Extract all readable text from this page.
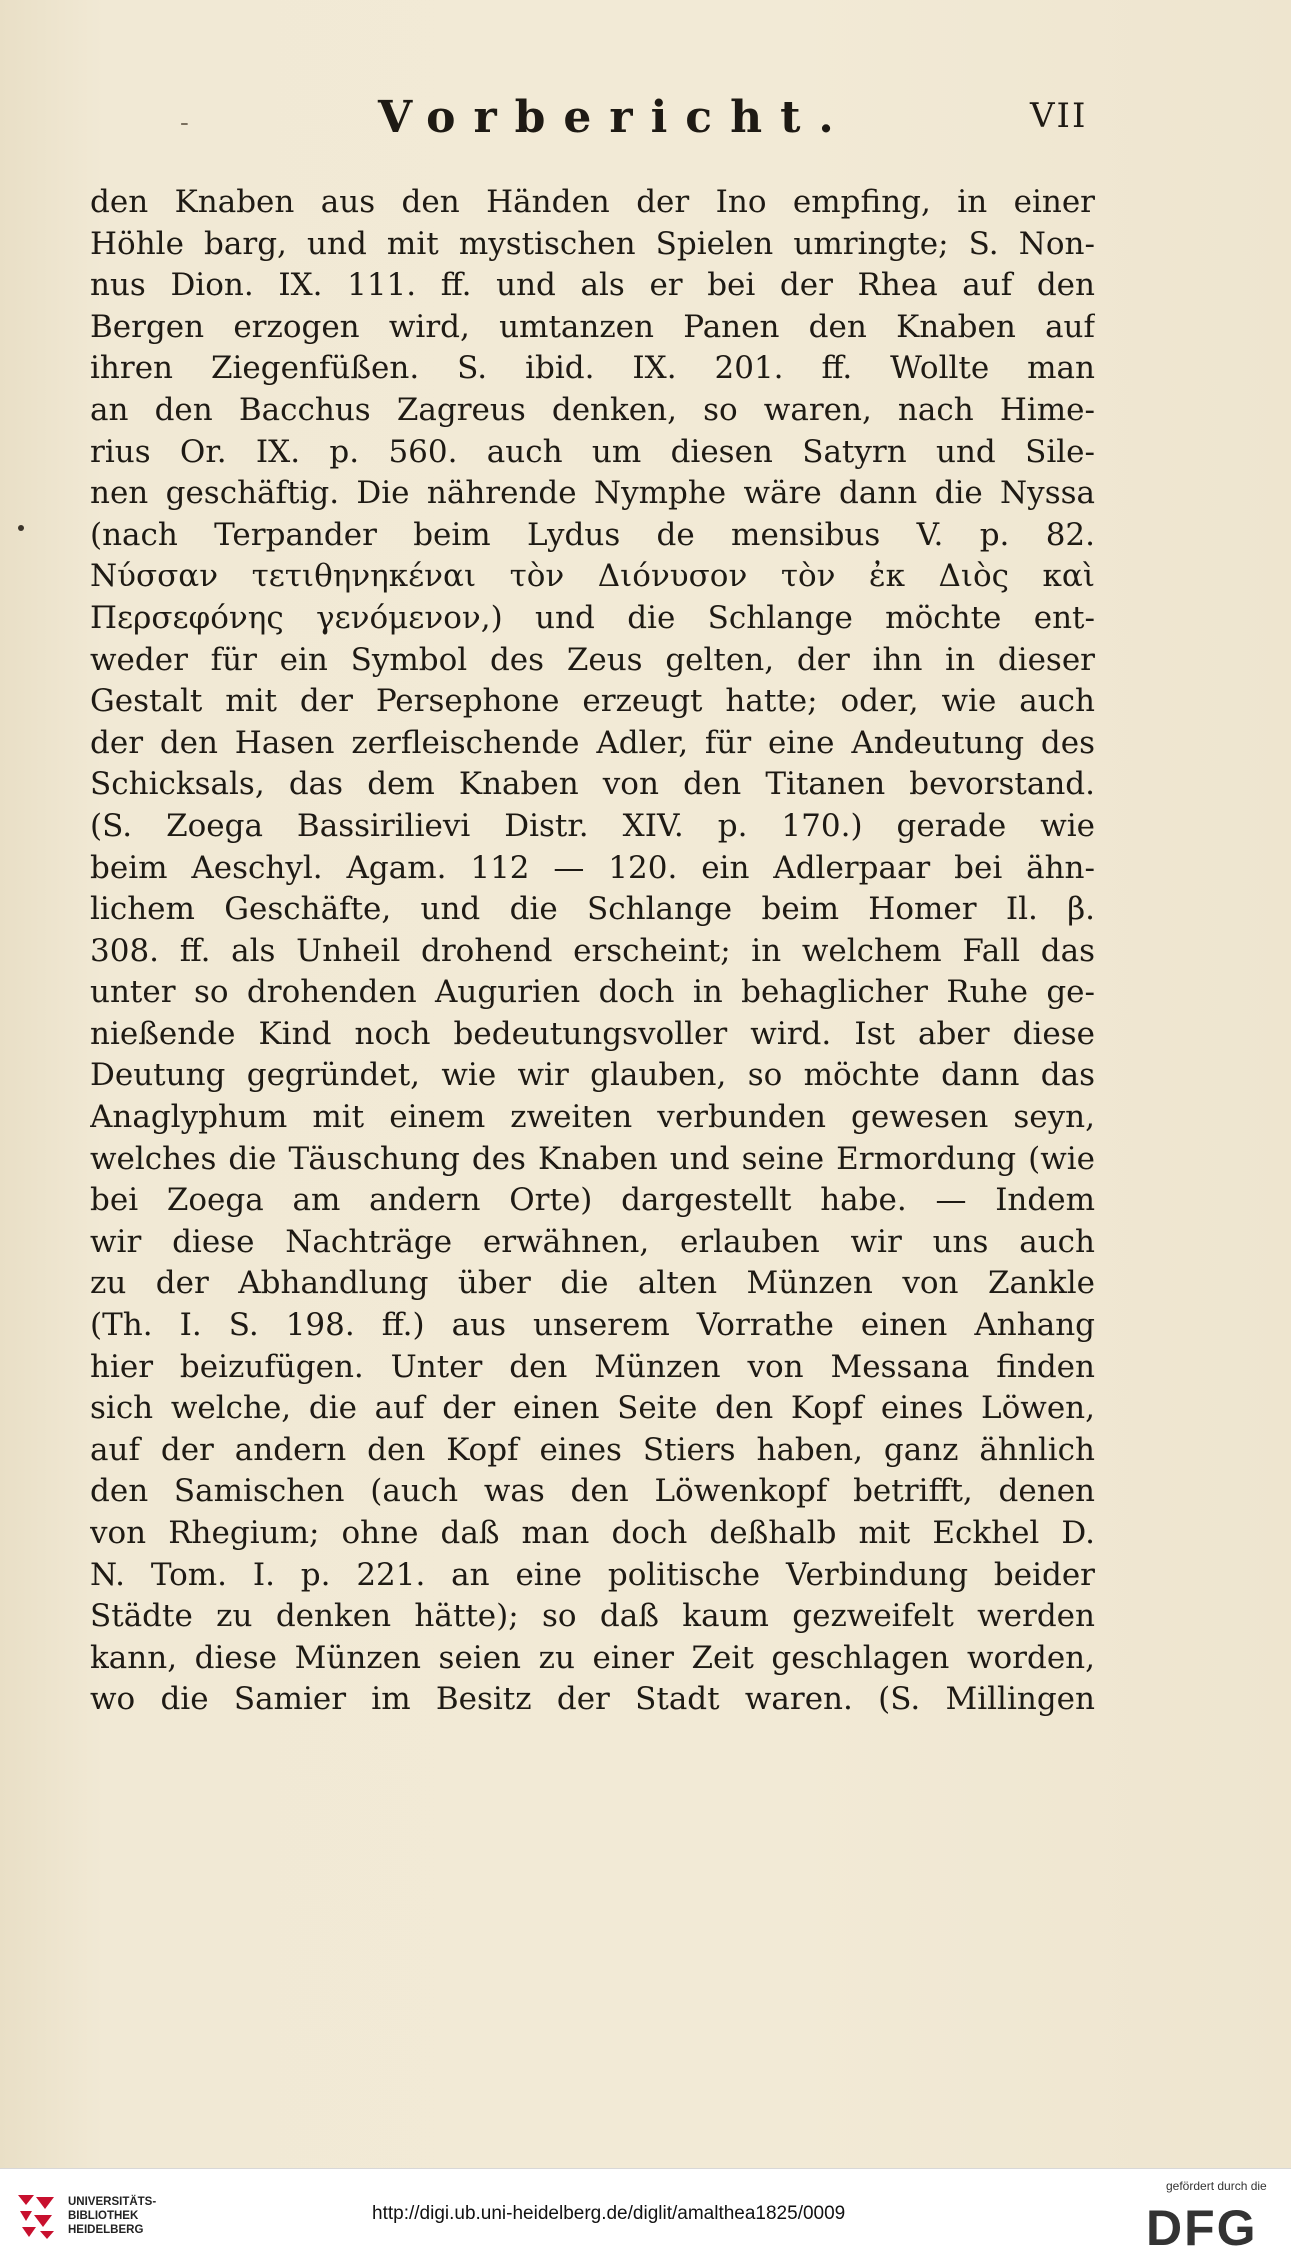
-	Vorbericht.	VII
den Knaben aus den Händen der Ino empfing, in einer
Höhle barg, und mit mystischen Spielen umringte; S. Non-
nus Dion. IX. 111. ff. und als er bei der Rhea auf den
Bergen erzogen wird, umtanzen Panen den Knaben auf
ihren Ziegenfüßen. S. ibid. IX. 201. ff. Wollte man
an den Bacchus Zagreus denken, so waren, nach Hime-
rius Or. IX. p. 560. auch um diesen Satyrn und Sile-
nen geschäftig. Die nährende Nymphe wäre dann die Nyssa
(nach Terpander beim Lydus de mensibus V. p. 82.
Νύσσαν τετιθηνηκέναι τὸν Διόνυσον τὸν ἐκ Διὸς καὶ
Περσεφόνης γενόμενον,) und die Schlange möchte ent-
weder für ein Symbol des Zeus gelten, der ihn in dieser
Gestalt mit der Persephone erzeugt hatte; oder, wie auch
der den Hasen zerfleischende Adler, für eine Andeutung des
Schicksals, das dem Knaben von den Titanen bevorstand.
(S. Zoega Bassirilievi Distr. XIV. p. 170.) gerade wie
beim Aeschyl. Agam. 112 — 120. ein Adlerpaar bei ähn-
lichem Geschäfte, und die Schlange beim Homer Il. β.
308. ff. als Unheil drohend erscheint; in welchem Fall das
unter so drohenden Augurien doch in behaglicher Ruhe ge-
nießende Kind noch bedeutungsvoller wird. Ist aber diese
Deutung gegründet, wie wir glauben, so möchte dann das
Anaglyphum mit einem zweiten verbunden gewesen seyn,
welches die Täuschung des Knaben und seine Ermordung (wie
bei Zoega am andern Orte) dargestellt habe. — Indem
wir diese Nachträge erwähnen, erlauben wir uns auch
zu der Abhandlung über die alten Münzen von Zankle
(Th. I. S. 198. ff.) aus unserem Vorrathe einen Anhang
hier beizufügen. Unter den Münzen von Messana finden
sich welche, die auf der einen Seite den Kopf eines Löwen,
auf der andern den Kopf eines Stiers haben, ganz ähnlich
den Samischen (auch was den Löwenkopf betrifft, denen
von Rhegium; ohne daß man doch deßhalb mit Eckhel D.
N. Tom. I. p. 221. an eine politische Verbindung beider
Städte zu denken hätte); so daß kaum gezweifelt werden
kann, diese Münzen seien zu einer Zeit geschlagen worden,
wo die Samier im Besitz der Stadt waren. (S. Millingen
UNIVERSITÄTS-
BIBLIOTHEK
HEIDELBERG
http://digi.ub.uni-heidelberg.de/diglit/amalthea1825/0009
gefördert durch die
DFG
